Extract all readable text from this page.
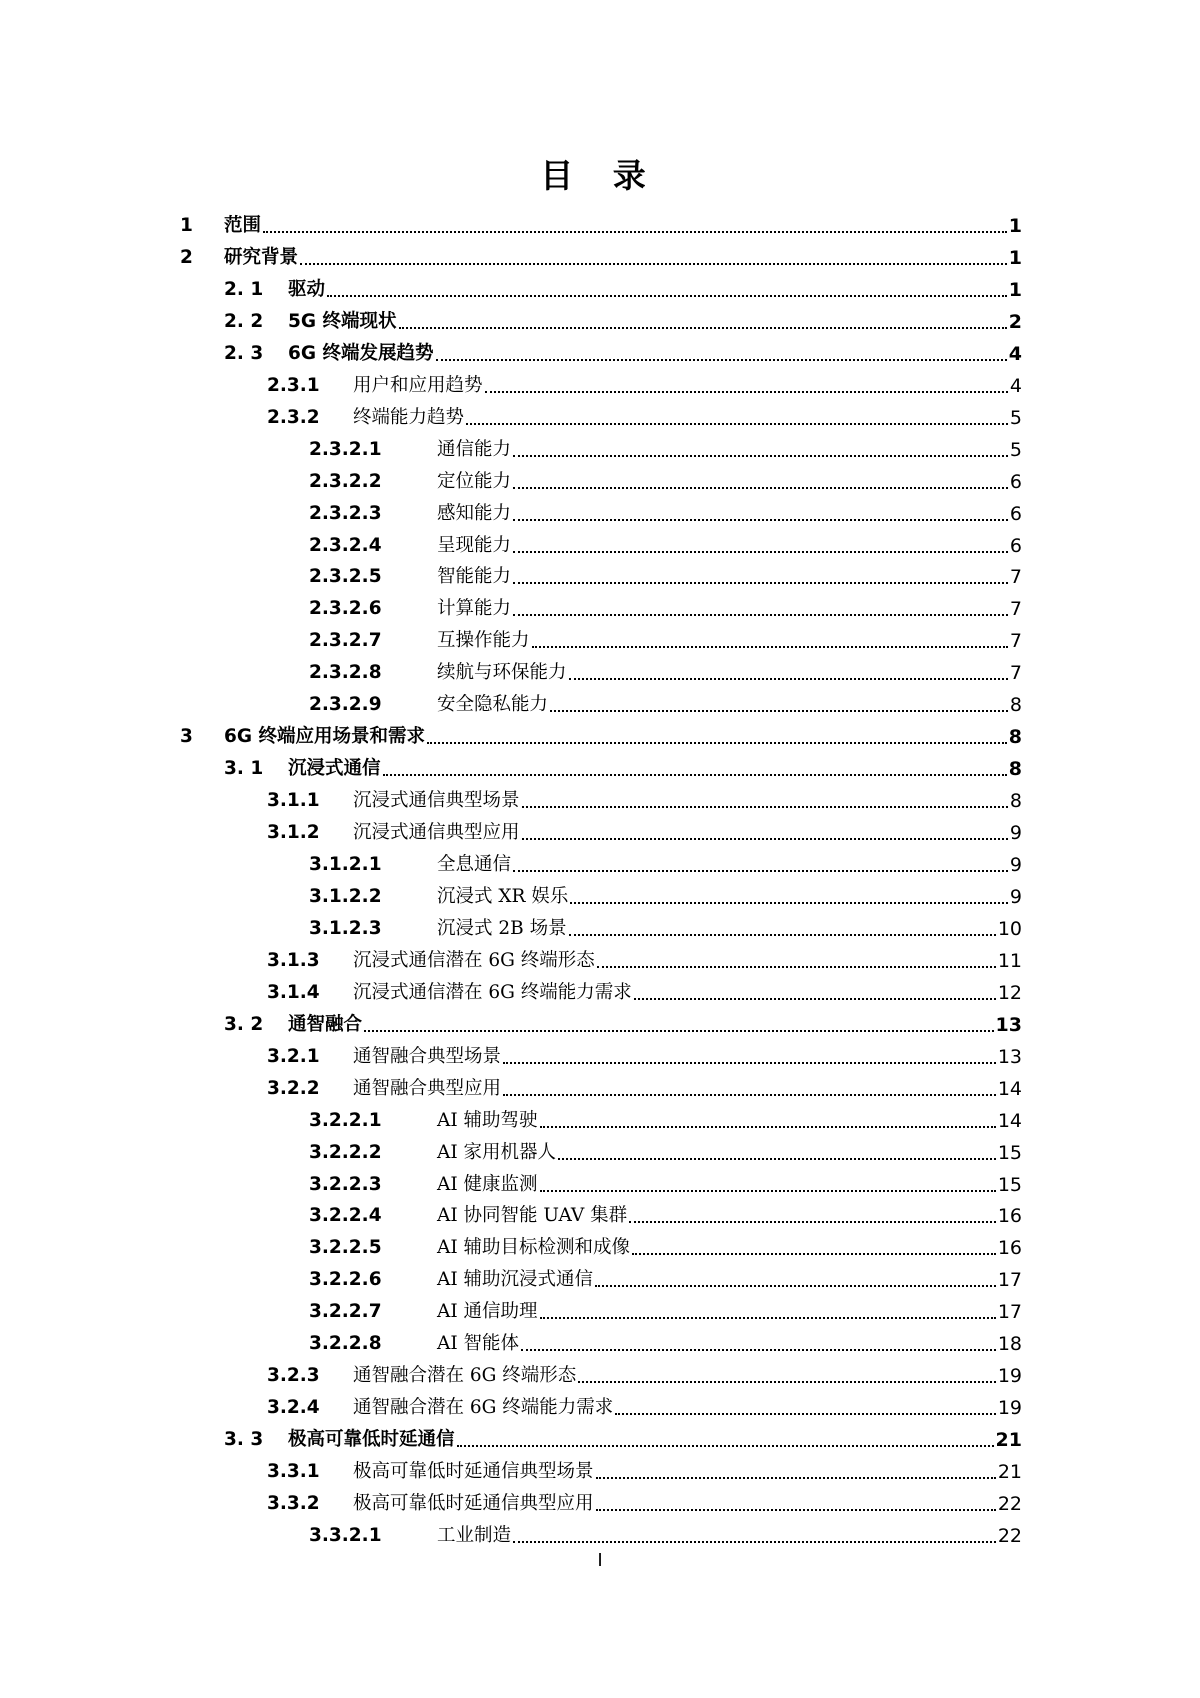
目 录
1	范围	1
2	研究背景	1
2. 1	驱动	1
2. 2	5G 终端现状	2
2. 3	6G 终端发展趋势	4
2.3.1	用户和应用趋势	4
2.3.2	终端能力趋势	5
2.3.2.1	通信能力	5
2.3.2.2	定位能力	6
2.3.2.3	感知能力	6
2.3.2.4	呈现能力	6
2.3.2.5	智能能力	7
2.3.2.6	计算能力	7
2.3.2.7	互操作能力	7
2.3.2.8	续航与环保能力	7
2.3.2.9	安全隐私能力	8
3	6G 终端应用场景和需求	8
3. 1	沉浸式通信	8
3.1.1	沉浸式通信典型场景	8
3.1.2	沉浸式通信典型应用	9
3.1.2.1	全息通信	9
3.1.2.2	沉浸式 XR 娱乐	9
3.1.2.3	沉浸式 2B 场景	10
3.1.3	沉浸式通信潜在 6G 终端形态	11
3.1.4	沉浸式通信潜在 6G 终端能力需求	12
3. 2	通智融合	13
3.2.1	通智融合典型场景	13
3.2.2	通智融合典型应用	14
3.2.2.1	AI 辅助驾驶	14
3.2.2.2	AI 家用机器人	15
3.2.2.3	AI 健康监测	15
3.2.2.4	AI 协同智能 UAV 集群	16
3.2.2.5	AI 辅助目标检测和成像	16
3.2.2.6	AI 辅助沉浸式通信	17
3.2.2.7	AI 通信助理	17
3.2.2.8	AI 智能体	18
3.2.3	通智融合潜在 6G 终端形态	19
3.2.4	通智融合潜在 6G 终端能力需求	19
3. 3	极高可靠低时延通信	21
3.3.1	极高可靠低时延通信典型场景	21
3.3.2	极高可靠低时延通信典型应用	22
3.3.2.1	工业制造	22
I
